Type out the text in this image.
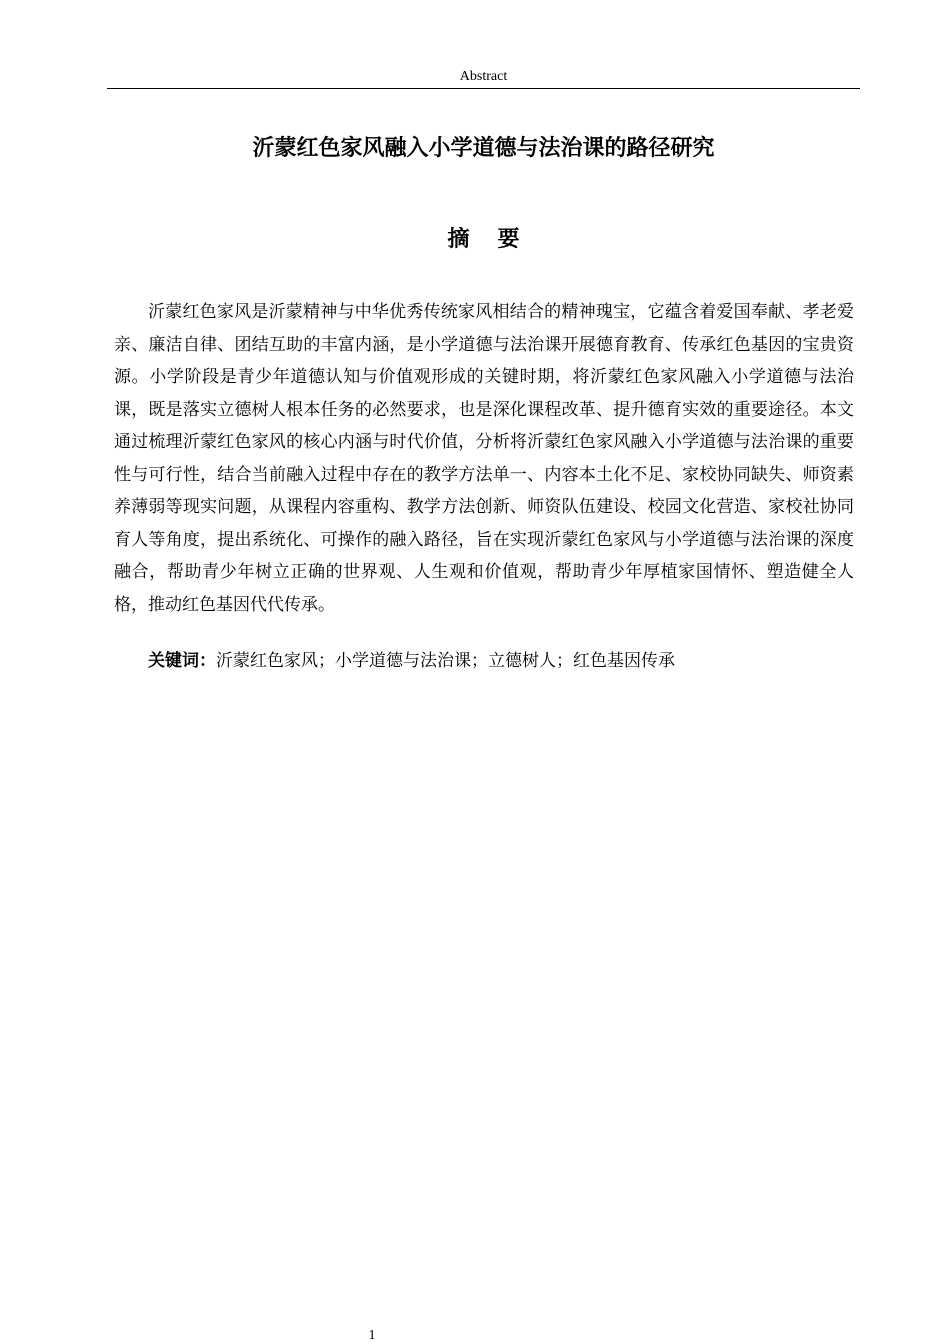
Abstract
沂蒙红色家风融入小学道德与法治课的路径研究
摘要

沂蒙红色家风是沂蒙精神与中华优秀传统家风相结合的精神瑰宝，它蕴含着爱国奉献、孝老爱亲、廉洁自律、团结互助的丰富内涵，是小学道德与法治课开展德育教育、传承红色基因的宝贵资源。小学阶段是青少年道德认知与价值观形成的关键时期，将沂蒙红色家风融入小学道德与法治课，既是落实立德树人根本任务的必然要求，也是深化课程改革、提升德育实效的重要途径。本文通过梳理沂蒙红色家风的核心内涵与时代价值，分析将沂蒙红色家风融入小学道德与法治课的重要性与可行性，结合当前融入过程中存在的教学方法单一、内容本土化不足、家校协同缺失、师资素养薄弱等现实问题，从课程内容重构、教学方法创新、师资队伍建设、校园文化营造、家校社协同育人等角度，提出系统化、可操作的融入路径，旨在实现沂蒙红色家风与小学道德与法治课的深度融合，帮助青少年树立正确的世界观、人生观和价值观，帮助青少年厚植家国情怀、塑造健全人格，推动红色基因代代传承。

关键词：沂蒙红色家风；小学道德与法治课；立德树人；红色基因传承

1
